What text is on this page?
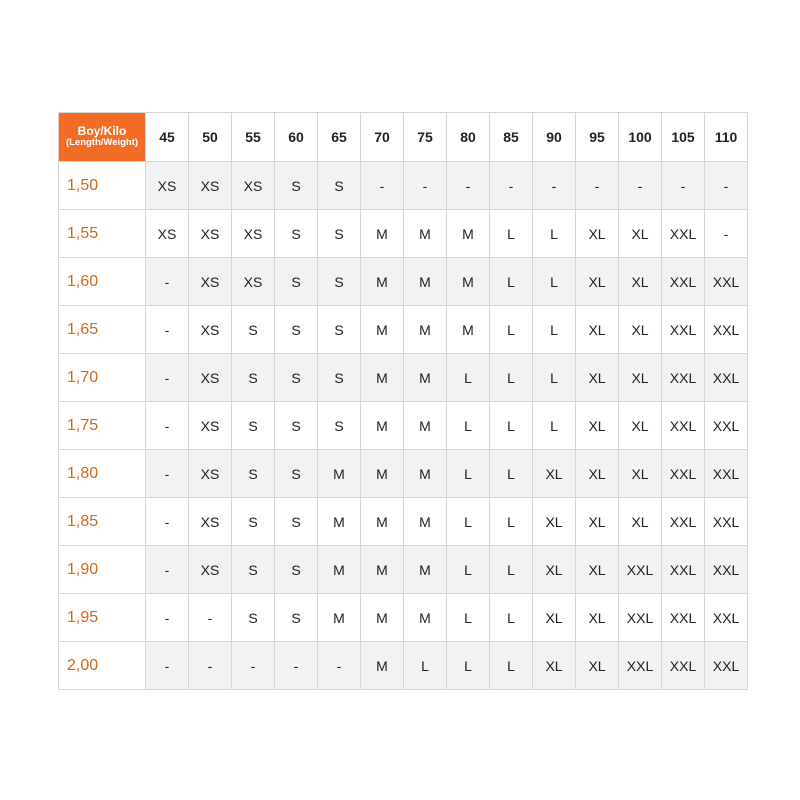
Boy/Kilo
(Length/Weight)	45	50	55	60	65	70	75	80	85	90	95	100	105	110
1,50	XS	XS	XS	S	S	-	-	-	-	-	-	-	-	-
1,55	XS	XS	XS	S	S	M	M	M	L	L	XL	XL	XXL	-
1,60	-	XS	XS	S	S	M	M	M	L	L	XL	XL	XXL	XXL
1,65	-	XS	S	S	S	M	M	M	L	L	XL	XL	XXL	XXL
1,70	-	XS	S	S	S	M	M	L	L	L	XL	XL	XXL	XXL
1,75	-	XS	S	S	S	M	M	L	L	L	XL	XL	XXL	XXL
1,80	-	XS	S	S	M	M	M	L	L	XL	XL	XL	XXL	XXL
1,85	-	XS	S	S	M	M	M	L	L	XL	XL	XL	XXL	XXL
1,90	-	XS	S	S	M	M	M	L	L	XL	XL	XXL	XXL	XXL
1,95	-	-	S	S	M	M	M	L	L	XL	XL	XXL	XXL	XXL
2,00	-	-	-	-	-	M	L	L	L	XL	XL	XXL	XXL	XXL
